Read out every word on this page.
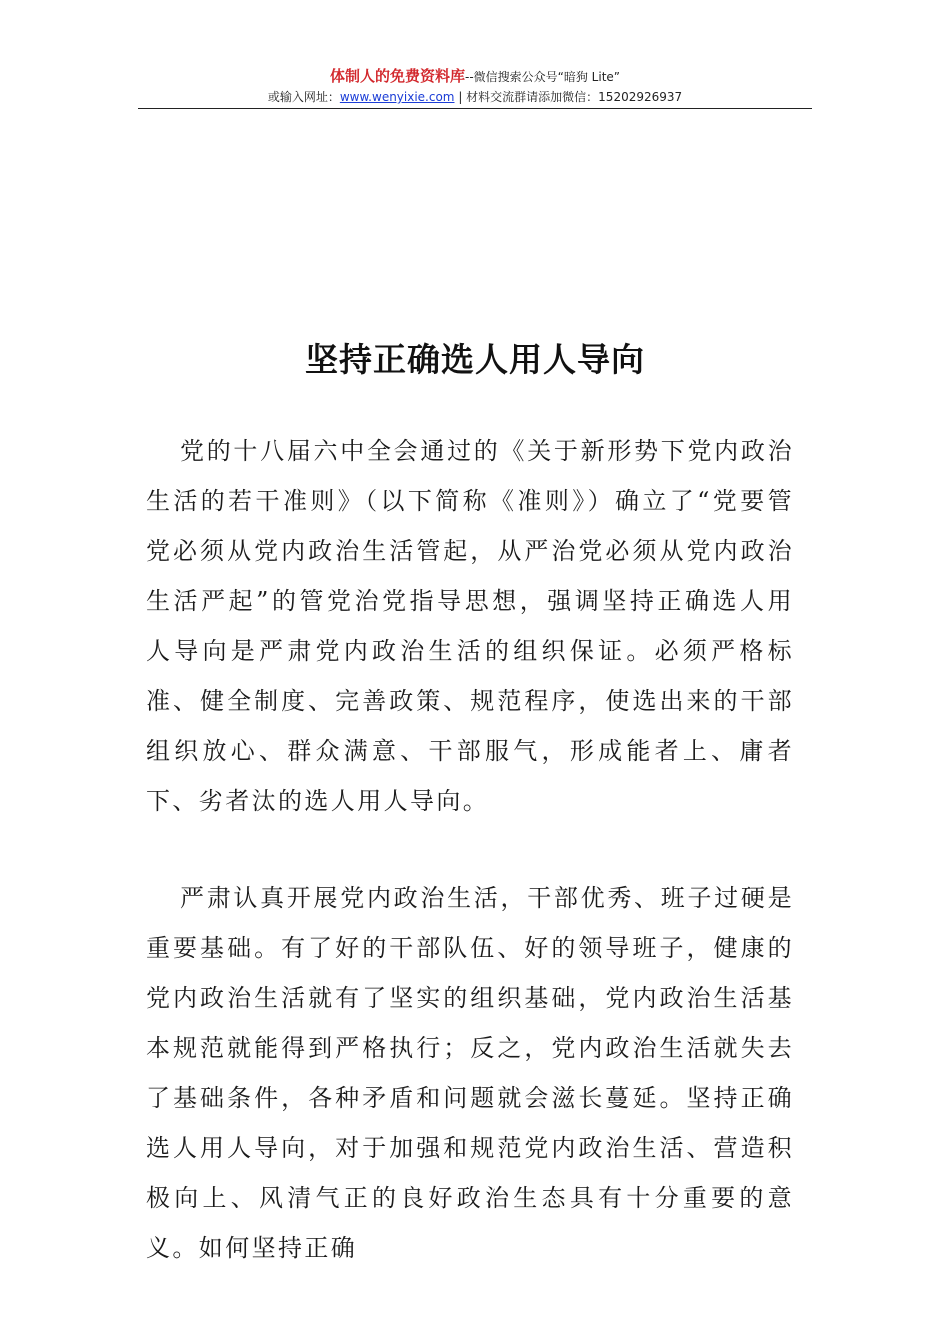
体制人的免费资料库--微信搜索公众号“暗狗 Lite”
或输入网址：www.wenyixie.com | 材料交流群请添加微信：15202926937
坚持正确选人用人导向

党的十八届六中全会通过的《关于新形势下党内政治生活的若干准则》（以下简称《准则》）确立了“党要管党必须从党内政治生活管起，从严治党必须从党内政治生活严起”的管党治党指导思想，强调坚持正确选人用人导向是严肃党内政治生活的组织保证。必须严格标准、健全制度、完善政策、规范程序，使选出来的干部组织放心、群众满意、干部服气，形成能者上、庸者下、劣者汰的选人用人导向。

严肃认真开展党内政治生活，干部优秀、班子过硬是重要基础。有了好的干部队伍、好的领导班子，健康的党内政治生活就有了坚实的组织基础，党内政治生活基本规范就能得到严格执行；反之，党内政治生活就失去了基础条件，各种矛盾和问题就会滋长蔓延。坚持正确选人用人导向，对于加强和规范党内政治生活、营造积极向上、风清气正的良好政治生态具有十分重要的意义。如何坚持正确
